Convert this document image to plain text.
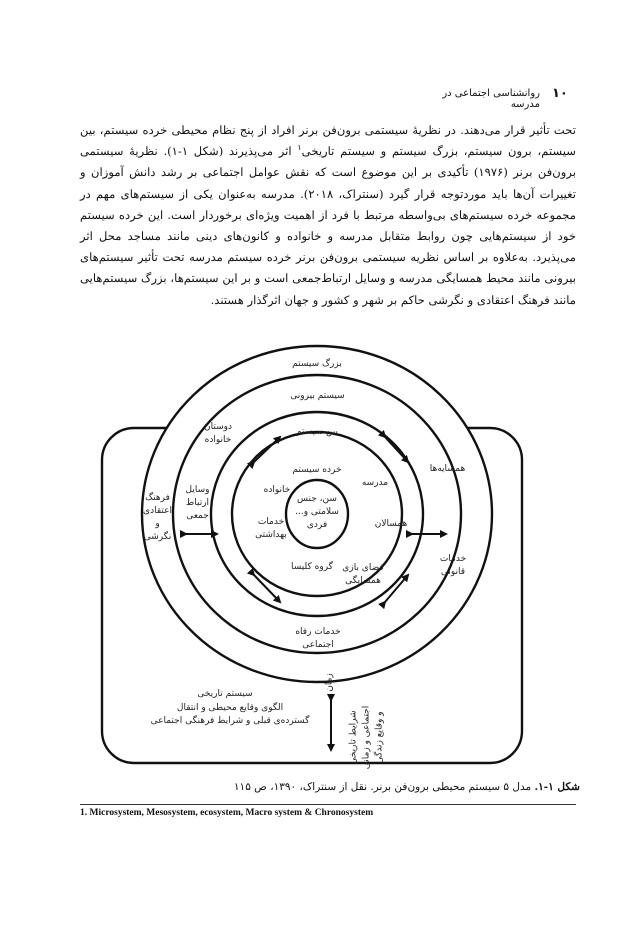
۱۰
روانشناسی اجتماعی در مدرسه
تحت تأثیر قرار می‌دهند. در نظریهٔ سیستمی برون‌فن برنر افراد از پنج نظام محیطی خرده سیستم، بین سیستم، برون سیستم، بزرگ سیستم و سیستم تاریخی$^۱$ اثر می‌پذیرند (شکل ۱-۱). نظریهٔ سیستمی برون‌فن برنر (۱۹۷۶) تأکیدی بر این موضوع است که نقش عوامل اجتماعی بر رشد دانش آموزان و تغییرات آن‌ها باید موردتوجه قرار گیرد (سنتراک، ۲۰۱۸). مدرسه به‌عنوان یکی از سیستم‌های مهم در مجموعه خرده سیستم‌های بی‌واسطه مرتبط با فرد از اهمیت ویژه‌ای برخوردار است. این خرده سیستم خود از سیستم‌هایی چون روابط متقابل مدرسه و خانواده و کانون‌های دینی مانند مساجد محل اثر می‌پذیرد. به‌علاوه بر اساس نظریه سیستمی برون‌فن برنر خرده سیستم مدرسه تحت تأثیر سیستم‌های بیرونی مانند محیط همسایگی مدرسه و وسایل ارتباط‌جمعی است و بر این سیستم‌ها، بزرگ سیستم‌هایی مانند فرهنگ اعتقادی و نگرشی حاکم بر شهر و کشور و جهان اثرگذار هستند.
بزرگ سیستم
سیستم بیرونی
بین سیستم
خرده سیستم
سن، جنس
سلامتی و...
فردی
خانواده
مدرسه
همسالان
خدمات
بهداشتی
گروه کلیسا	فضای بازی
همسایگی
دوستان
خانواده
وسایل
ارتباط
جمعی
فرهنگ
اعتقادی
و
نگرشی
همسایه‌ها
خدمات
قانونی
خدمات رفاه
اجتماعی
زمان
سیستم تاریخی
الگوی وقایع محیطی و انتقال
گسترده‌ی قبلی و شرایط فرهنگی اجتماعی	شرایط تاریخی
اجتماعی و زمانی
و وقایع زندگی
شکل ۱-۱. مدل ۵ سیستم محیطی برون‌فن برنر. نقل از سنتراک، ۱۳۹۰، ص ۱۱۵
1. Microsystem, Mesosystem, ecosystem, Macro system & Chronosystem
